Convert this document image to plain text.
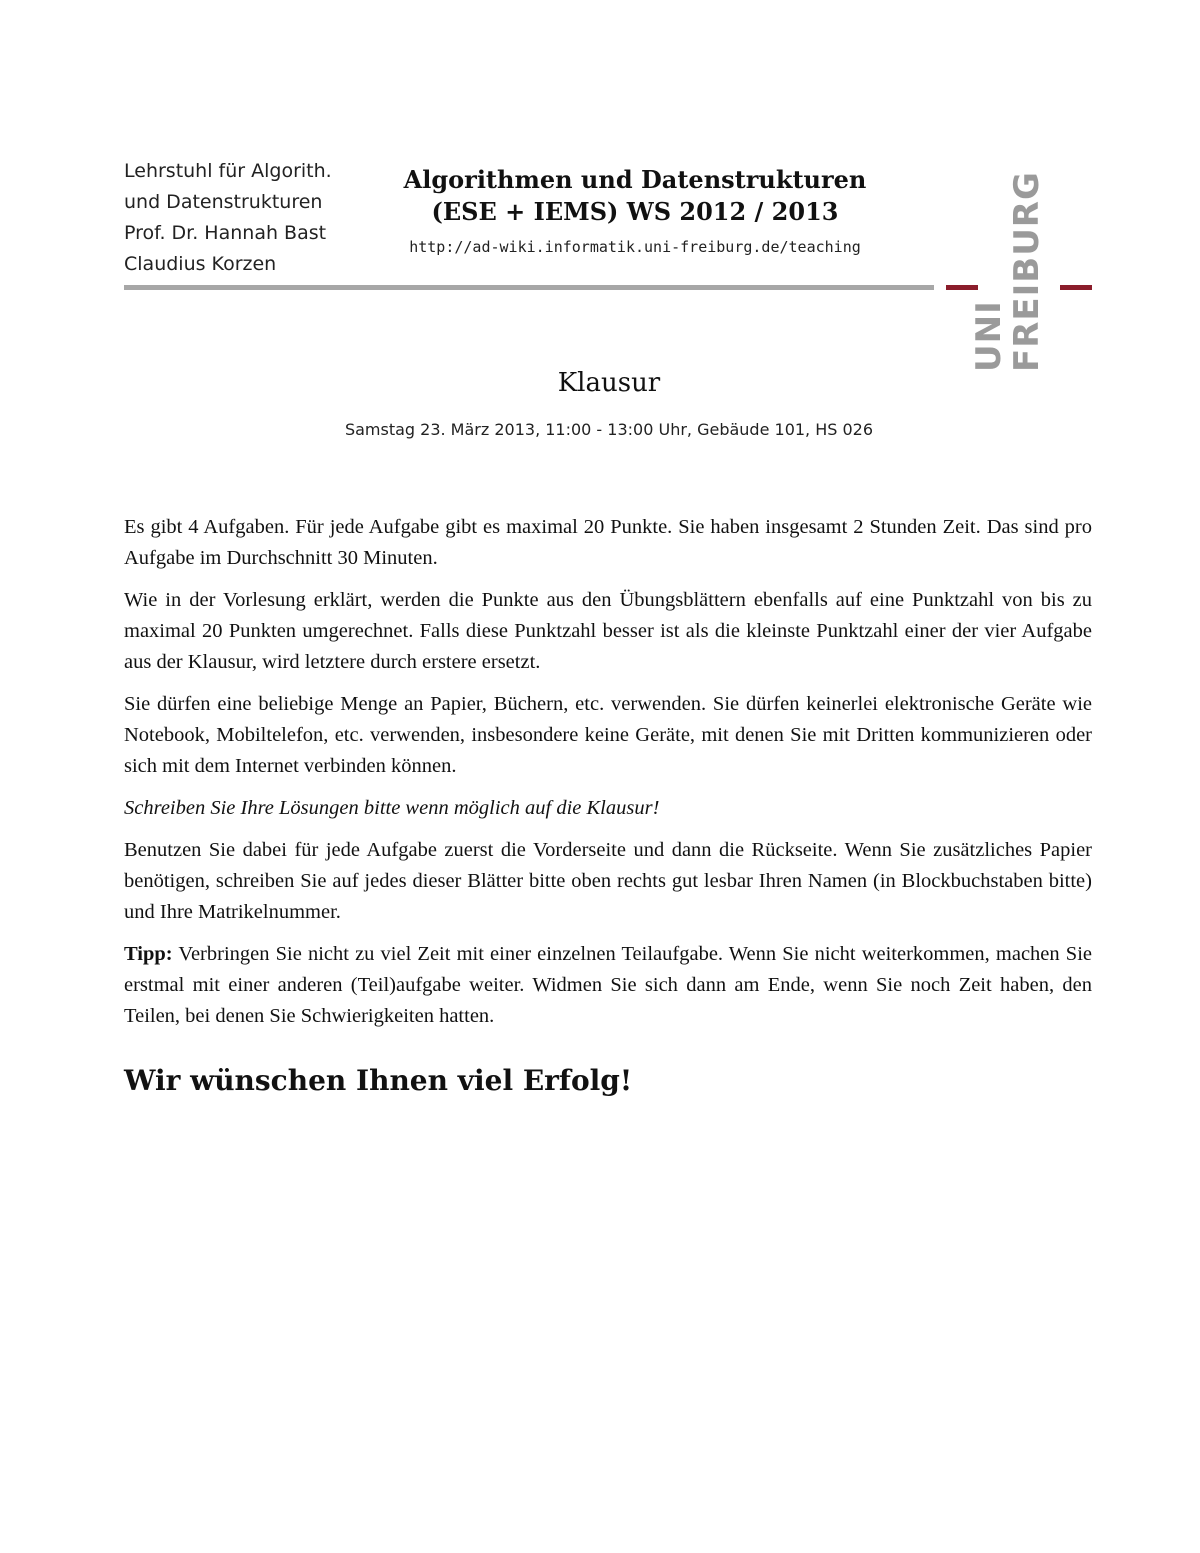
Lehrstuhl für Algorith.
und Datenstrukturen
Prof. Dr. Hannah Bast
Claudius Korzen
Algorithmen und Datenstrukturen
(ESE + IEMS) WS 2012 / 2013
http://ad-wiki.informatik.uni-freiburg.de/teaching
UNI
FREIBURG
Klausur
Samstag 23. März 2013, 11:00 - 13:00 Uhr, Gebäude 101, HS 026

Es gibt 4 Aufgaben. Für jede Aufgabe gibt es maximal 20 Punkte. Sie haben insgesamt 2 Stunden Zeit. Das sind pro Aufgabe im Durchschnitt 30 Minuten.

Wie in der Vorlesung erklärt, werden die Punkte aus den Übungsblättern ebenfalls auf eine Punktzahl von bis zu maximal 20 Punkten umgerechnet. Falls diese Punktzahl besser ist als die kleinste Punktzahl einer der vier Aufgabe aus der Klausur, wird letztere durch erstere ersetzt.

Sie dürfen eine beliebige Menge an Papier, Büchern, etc. verwenden. Sie dürfen keinerlei elektronische Geräte wie Notebook, Mobiltelefon, etc. verwenden, insbesondere keine Geräte, mit denen Sie mit Dritten kommunizieren oder sich mit dem Internet verbinden können.

Schreiben Sie Ihre Lösungen bitte wenn möglich auf die Klausur!

Benutzen Sie dabei für jede Aufgabe zuerst die Vorderseite und dann die Rückseite. Wenn Sie zusätzliches Papier benötigen, schreiben Sie auf jedes dieser Blätter bitte oben rechts gut lesbar Ihren Namen (in Blockbuchstaben bitte) und Ihre Matrikelnummer.

Tipp: Verbringen Sie nicht zu viel Zeit mit einer einzelnen Teilaufgabe. Wenn Sie nicht weiterkommen, machen Sie erstmal mit einer anderen (Teil)aufgabe weiter. Widmen Sie sich dann am Ende, wenn Sie noch Zeit haben, den Teilen, bei denen Sie Schwierigkeiten hatten.

Wir wünschen Ihnen viel Erfolg!
